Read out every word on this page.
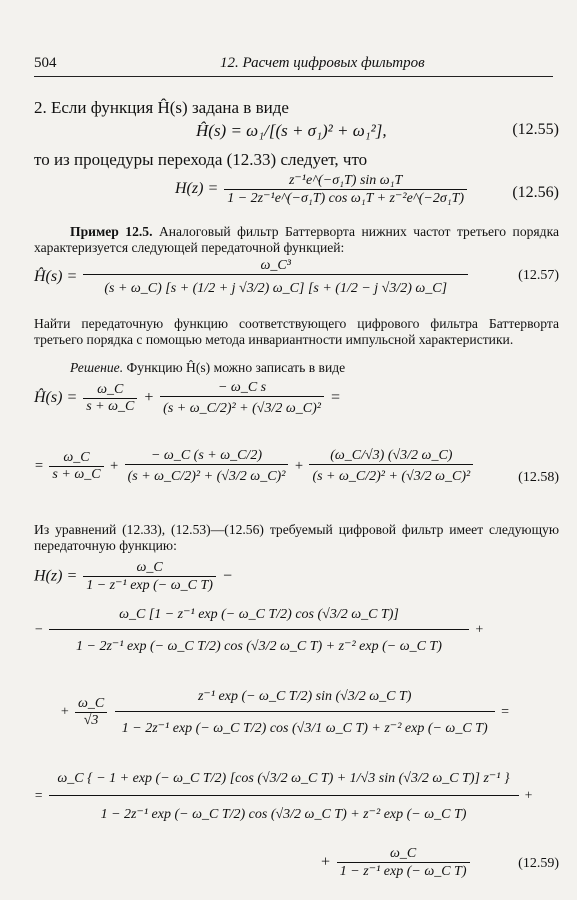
504	12. Расчет цифровых фильтров
2. Если функция Ĥ(s) задана в виде
Ĥ(s) = ω₁/[(s + σ₁)² + ω₁²],	(12.55)
то из процедуры перехода (12.33) следует, что
$H(z) = \frac{\text{z⁻¹e\textasciicircum{}(−σ₁T) sin ω₁T}}{\text{1 − 2z⁻¹e\textasciicircum{}(−σ₁T) cos ω₁T + z⁻²e\textasciicircum{}(−2σ₁T)}}$	(12.56)
Пример 12.5. Аналоговый фильтр Баттерворта нижних частот третьего порядка характеризуется следующей передаточной функцией:
Ĥ(s) = $\frac{\text{ω\_C³}}{(s + \omega\_C) [s + (1/2 + j √3/2) \omega\_C] [s + (1/2 - j √3/2) \omega\_C]}$	(12.57)
Найти передаточную функцию соответствующего цифрового фильтра Баттерворта третьего порядка с помощью метода инвариантности импульсной характеристики.
Решение. Функцию Ĥ(s) можно записать в виде
Ĥ(s) = $\frac{\omega\_C}{s + \omega\_C} + \frac{\text{− ω\_C s}}{\text{(s + ω\_C/2)² + (√3/2 ω\_C)²}}$ =
= $\frac{\omega\_C}{s + \omega\_C} + \frac{- \omega\_C (s + \omega\_C/2)}{\text{(s + ω\_C/2)² + (√3/2 ω\_C)²}} + \frac{(\omega\_C/√3) (√3/2 \omega\_C)}{\text{(s + ω\_C/2)² + (√3/2 ω\_C)²}}$	(12.58)
Из уравнений (12.33), (12.53)—(12.56) требуемый цифровой фильтр имеет следующую передаточную функцию:
$H(z) = \frac{\omega\_C}{\text{1 − z⁻¹ exp (− ω\_C T)}}$ −
−
ω_C [1 − z⁻¹ exp (− ω_C T/2) cos (√3/2 ω_C T)]
1 − 2z⁻¹ exp (− ω_C T/2) cos (√3/2 ω_C T) + z⁻² exp (− ω_C T)
+
+ $\frac{\omega\_C}{√3}$
	z⁻¹ exp (− ω_C T/2) sin (√3/2 ω_C T)
1 − 2z⁻¹ exp (− ω_C T/2) cos (√3/1 ω_C T) + z⁻² exp (− ω_C T)
=
=
ω_C { − 1 + exp (− ω_C T/2) [cos (√3/2 ω_C T) + 1/√3 sin (√3/2 ω_C T)] z⁻¹ }
1 − 2z⁻¹ exp (− ω_C T/2) cos (√3/2 ω_C T) + z⁻² exp (− ω_C T)
+
+ $\frac{\omega\_C}{\text{1 − z⁻¹ exp (− ω\_C T)}}$	(12.59)
